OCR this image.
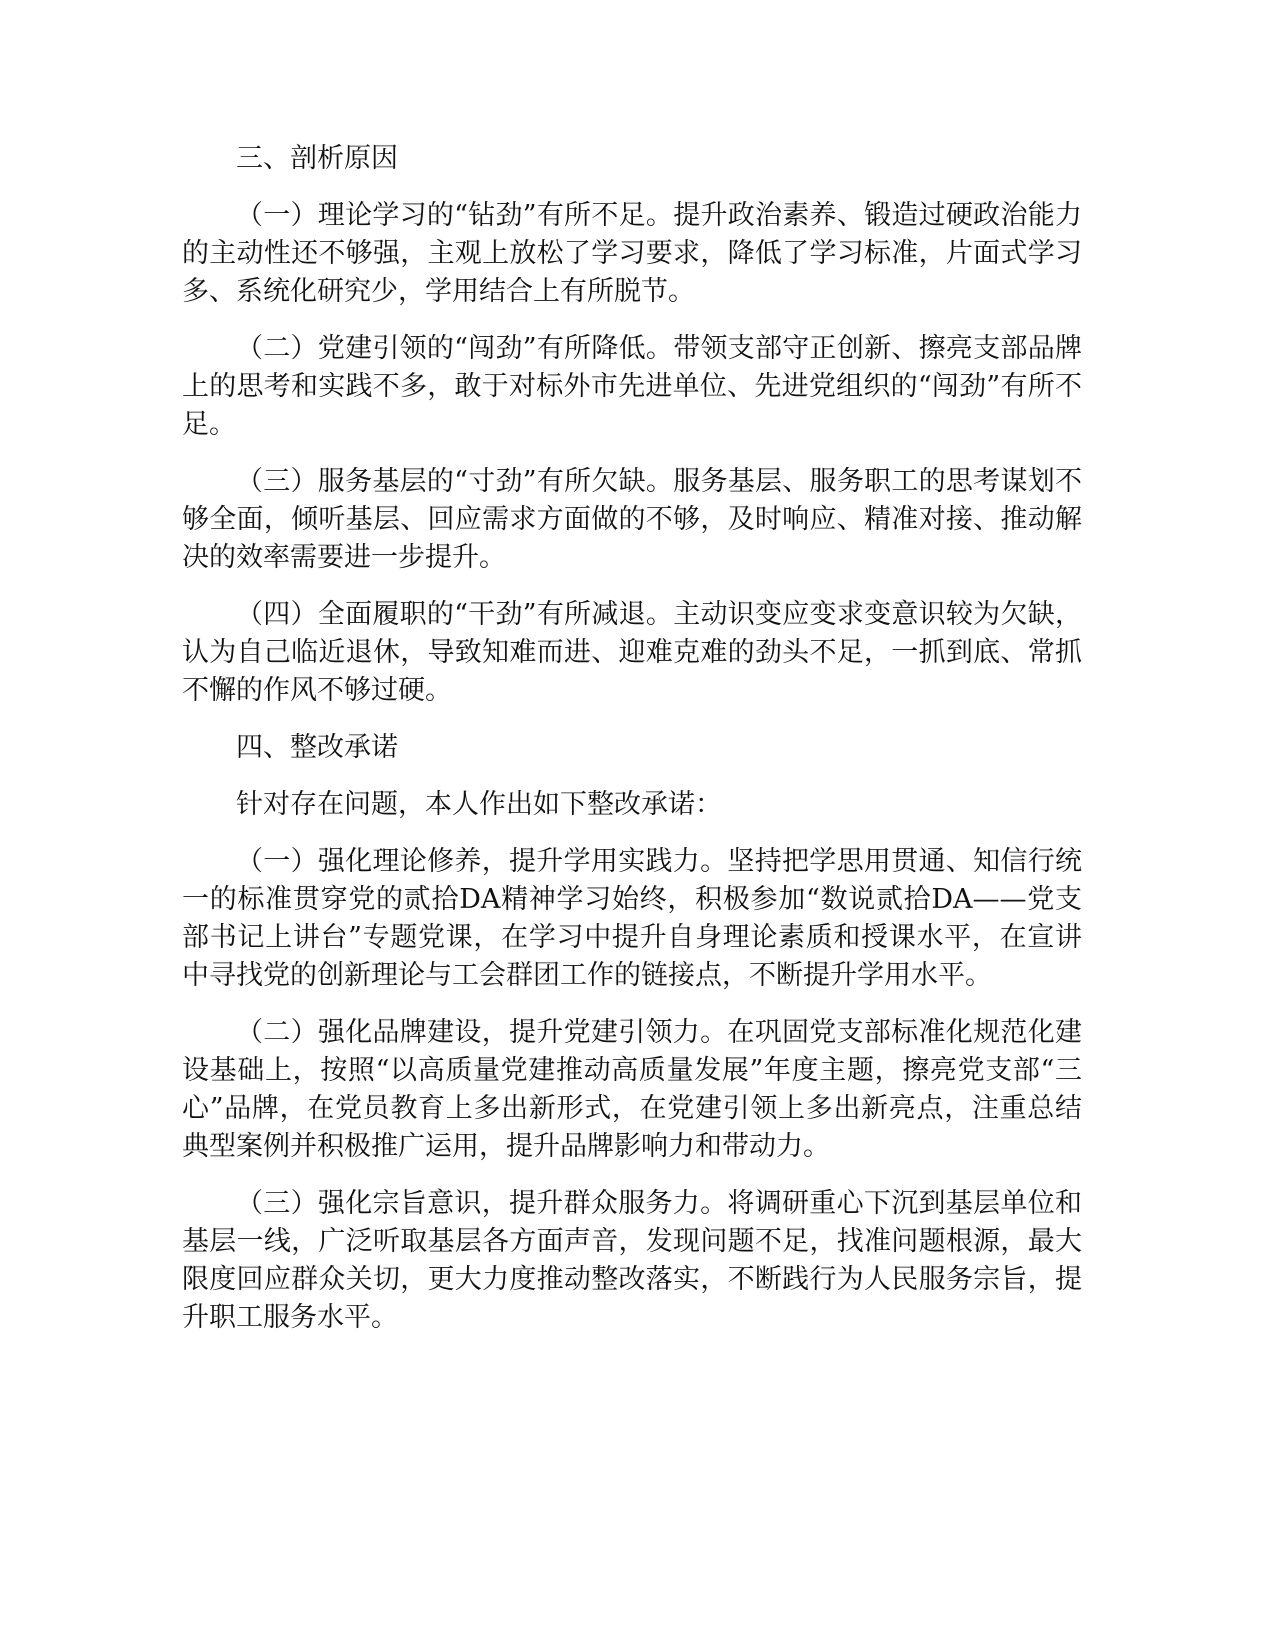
三、剖析原因

（一）理论学习的“钻劲”有所不足。提升政治素养、锻造过硬政治能力的主动性还不够强，主观上放松了学习要求，降低了学习标准，片面式学习多、系统化研究少，学用结合上有所脱节。

（二）党建引领的“闯劲”有所降低。带领支部守正创新、擦亮支部品牌上的思考和实践不多，敢于对标外市先进单位、先进党组织的“闯劲”有所不足。

（三）服务基层的“寸劲”有所欠缺。服务基层、服务职工的思考谋划不够全面，倾听基层、回应需求方面做的不够，及时响应、精准对接、推动解决的效率需要进一步提升。

（四）全面履职的“干劲”有所减退。主动识变应变求变意识较为欠缺，认为自己临近退休，导致知难而进、迎难克难的劲头不足，一抓到底、常抓不懈的作风不够过硬。

四、整改承诺

针对存在问题，本人作出如下整改承诺：

（一）强化理论修养，提升学用实践力。坚持把学思用贯通、知信行统一的标准贯穿党的贰拾DA精神学习始终，积极参加“数说贰拾DA——党支部书记上讲台”专题党课，在学习中提升自身理论素质和授课水平，在宣讲中寻找党的创新理论与工会群团工作的链接点，不断提升学用水平。

（二）强化品牌建设，提升党建引领力。在巩固党支部标准化规范化建设基础上，按照“以高质量党建推动高质量发展”年度主题，擦亮党支部“三心”品牌，在党员教育上多出新形式，在党建引领上多出新亮点，注重总结典型案例并积极推广运用，提升品牌影响力和带动力。

（三）强化宗旨意识，提升群众服务力。将调研重心下沉到基层单位和基层一线，广泛听取基层各方面声音，发现问题不足，找准问题根源，最大限度回应群众关切，更大力度推动整改落实，不断践行为人民服务宗旨，提升职工服务水平。
